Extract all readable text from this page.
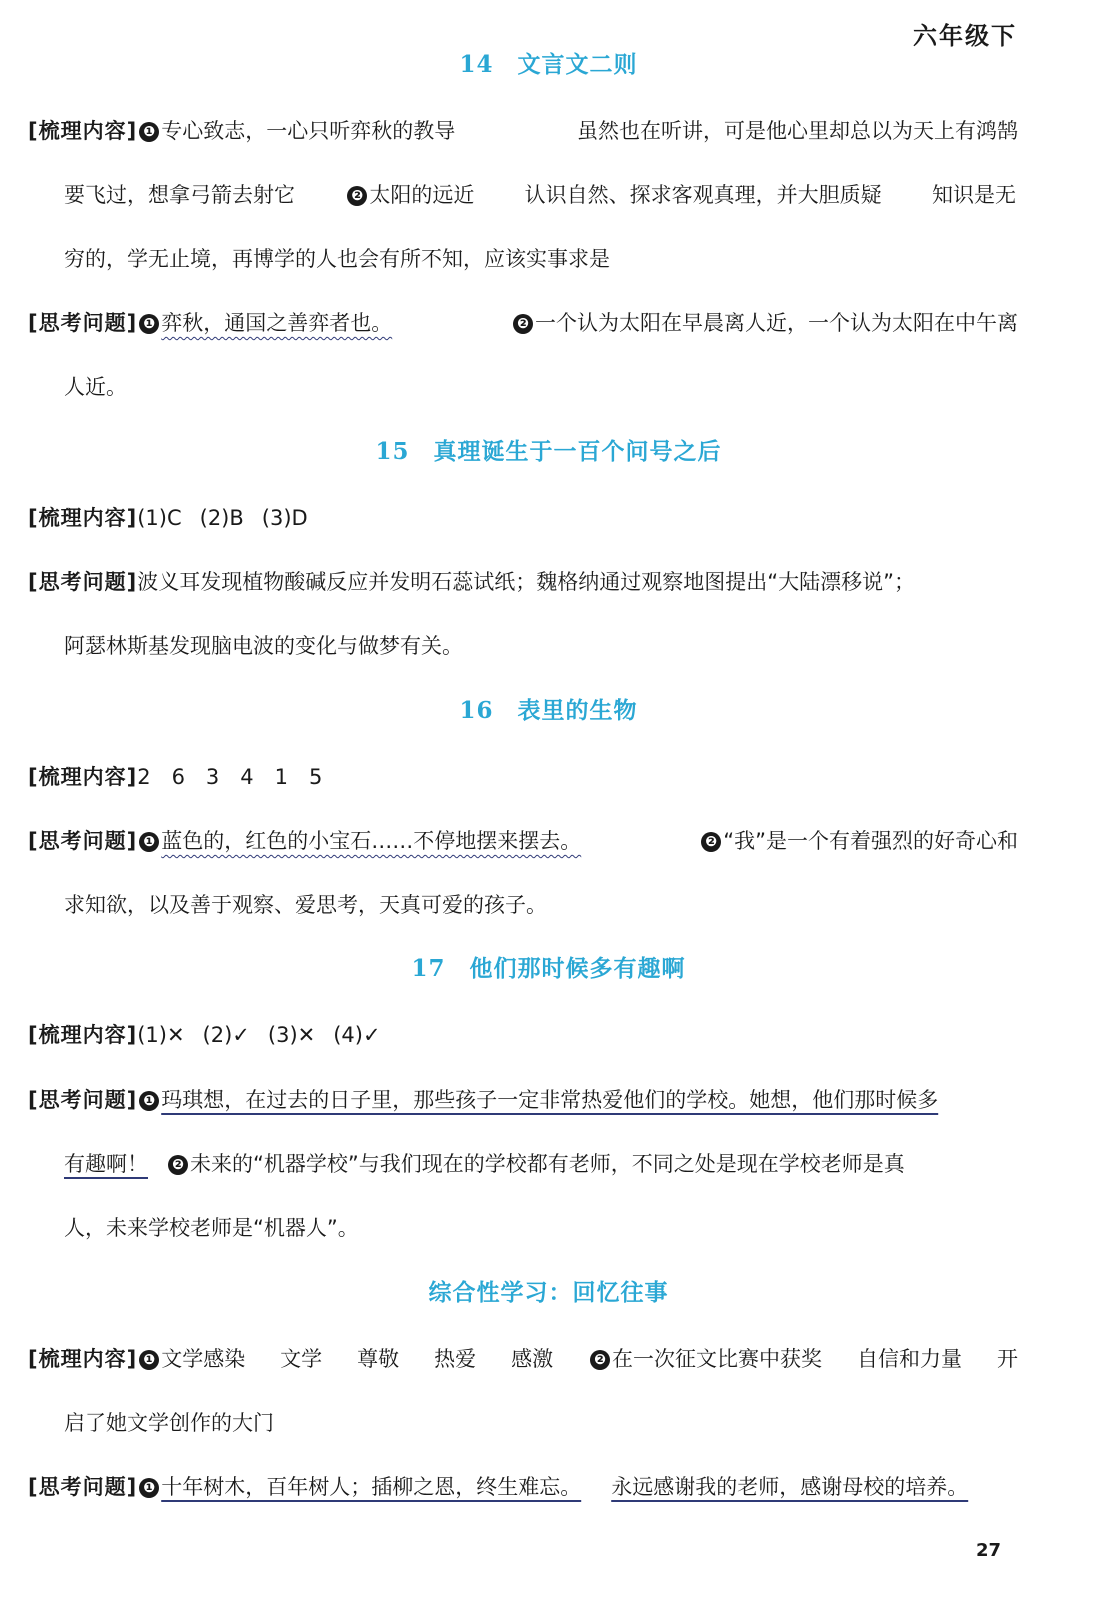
六年级下
14 文言文二则
[梳理内容] ❶ 专心致志，一心只听弈秋的教导	虽然也在听讲，可是他心里却总以为天上有鸿鹄
要飞过，想拿弓箭去射它	❷ 太阳的远近 认识自然、探求客观真理，并大胆质疑 知识是无
穷的，学无止境，再博学的人也会有所不知，应该实事求是
[思考问题] ❶ 弈秋，通国之善弈者也。	❷ 一个认为太阳在早晨离人近，一个认为太阳在中午离
人近。
15 真理诞生于一百个问号之后
[梳理内容](1)C (2)B (3)D
[思考问题]波义耳发现植物酸碱反应并发明石蕊试纸；魏格纳通过观察地图提出“大陆漂移说”；
阿瑟林斯基发现脑电波的变化与做梦有关。
16 表里的生物
[梳理内容]2　6　3　4　1　5
[思考问题] ❶ 蓝色的，红色的小宝石……不停地摆来摆去。	❷ “我”是一个有着强烈的好奇心和
求知欲，以及善于观察、爱思考，天真可爱的孩子。
17 他们那时候多有趣啊
[梳理内容](1)✕ (2)✓ (3)✕ (4)✓
[思考问题] ❶ 玛琪想，在过去的日子里，那些孩子一定非常热爱他们的学校。她想，他们那时候多
有趣啊！ ❷ 未来的“机器学校”与我们现在的学校都有老师，不同之处是现在学校老师是真
人，未来学校老师是“机器人”。
综合性学习：回忆往事
[梳理内容] ❶ 文学感染 文学 尊敬 热爱 感激	❷ 在一次征文比赛中获奖 自信和力量 开
启了她文学创作的大门
[思考问题] ❶ 十年树木，百年树人；插柳之恩，终生难忘。 永远感谢我的老师，感谢母校的培养。
27
